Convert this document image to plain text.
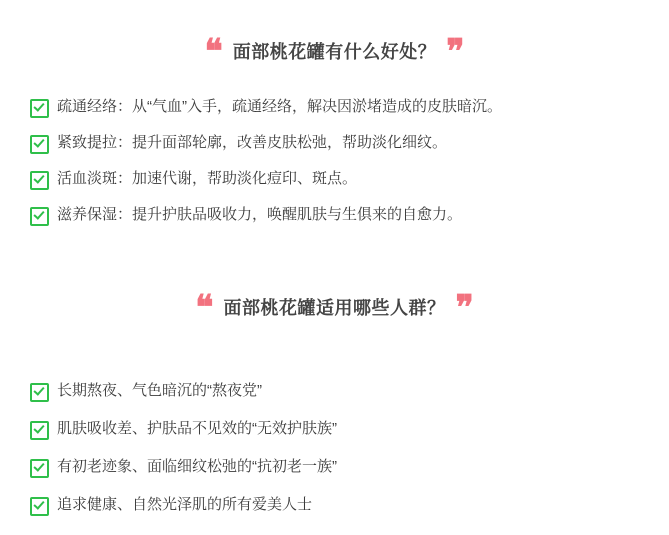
❝ 面部桃花罐有什么好处？ ❞
疏通经络：从“气血”入手，疏通经络，解决因淤堵造成的皮肤暗沉。
紧致提拉：提升面部轮廓，改善皮肤松弛，帮助淡化细纹。
活血淡斑：加速代谢，帮助淡化痘印、斑点。
滋养保湿：提升护肤品吸收力，唤醒肌肤与生俱来的自愈力。
❝ 面部桃花罐适用哪些人群？ ❞
长期熬夜、气色暗沉的“熬夜党”
肌肤吸收差、护肤品不见效的“无效护肤族”
有初老迹象、面临细纹松弛的“抗初老一族”
追求健康、自然光泽肌的所有爱美人士
